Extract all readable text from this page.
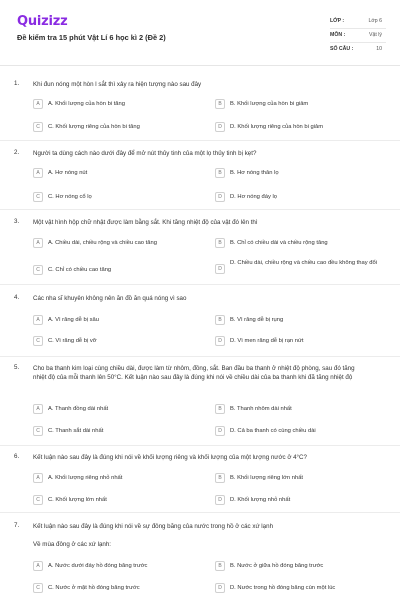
Quizizz
Đề kiểm tra 15 phút Vật Lí 6 học kì 2 (Đề 2)
LỚP :	Lớp 6
MÔN :	Vật lý
SỐ CÂU :	10
1. Khi đun nóng một hòn l sắt thì xảy ra hiện tượng nào sau đây
A	A. Khối lượng của hòn bi tăng	B	B. Khối lượng của hòn bi giảm
C	C. Khối lượng riêng của hòn bi tăng	D	D. Khối lượng riêng của hòn bi giảm
2. Người ta dùng cách nào dưới đây để mở nút thủy tinh của một lọ thủy tinh bị kẹt?
A	A. Hơ nóng nút	B	B. Hơ nóng thân lọ
C	C. Hơ nóng cổ lọ	D	D. Hơ nóng đáy lọ
3. Một vật hình hộp chữ nhật được làm bằng sắt. Khi tăng nhiệt độ của vật đó lên thì
A	A. Chiều dài, chiều rộng và chiều cao tăng	B	B. Chỉ có chiều dài và chiều rộng tăng
C	C. Chỉ có chiều cao tăng	D
D. Chiều dài, chiều rộng và chiều cao đều không thay đổi
4. Các nha sĩ khuyên không nên ăn đồ ăn quá nóng vì sao
A	A. Vì răng dễ bị sâu	B	B. Vì răng dễ bị rụng
C	C. Vì răng dễ bị vỡ	D	D. Vì men răng dễ bị rạn nứt
5. Cho ba thanh kim loại cùng chiều dài, được làm từ nhôm, đồng, sắt. Ban đầu ba thanh ở nhiệt độ phòng, sau đó tăng nhiệt độ của mỗi thanh lên 50°C. Kết luận nào sau đây là đúng khi nói về chiều dài của ba thanh khi đã tăng nhiệt độ
A	A. Thanh đồng dài nhất	B	B. Thanh nhôm dài nhất
C	C. Thanh sắt dài nhất	D	D. Cả ba thanh có cùng chiều dài
6. Kết luận nào sau đây là đúng khi nói về khối lượng riêng và khối lượng của một lượng nước ở 4°C?
A	A. Khối lượng riêng nhỏ nhất	B	B. Khối lượng riêng lớn nhất
C	C. Khối lượng lớn nhất	D	D. Khối lượng nhỏ nhất
7. Kết luận nào sau đây là đúng khi nói về sự đông băng của nước trong hồ ở các xứ lạnh
Về mùa đông ở các xứ lạnh:
A	A. Nước dưới đáy hồ đóng băng trước	B	B. Nước ở giữa hồ đóng băng trước
C	C. Nước ở mặt hồ đóng băng trước	D	D. Nước trong hồ đóng băng cùn một lúc
